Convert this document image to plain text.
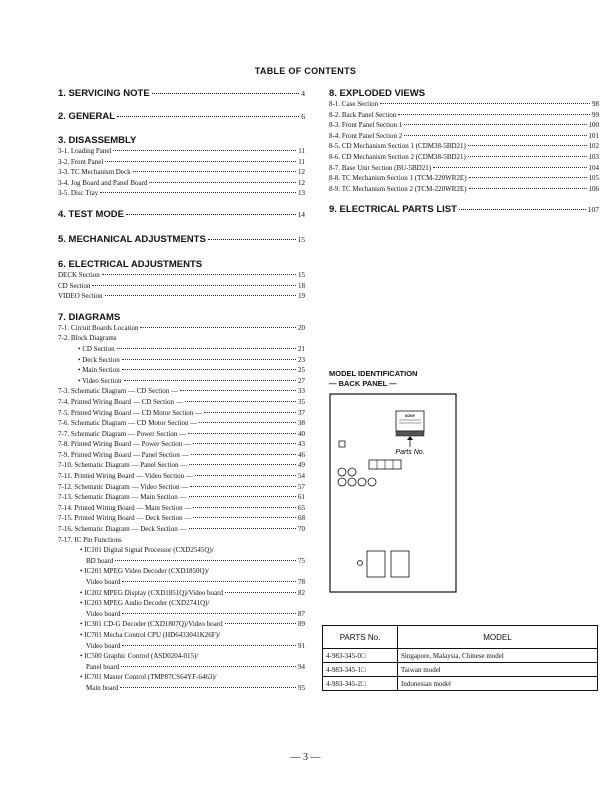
TABLE OF CONTENTS
1. SERVICING NOTE	4
2. GENERAL	6
3. DISASSEMBLY
3-1. Loading Panel	11
3-2. Front Panel	11
3-3. TC Mechanism Deck	12
3-4. Jog Board and Panel Board	12
3-5. Disc Tray	13
4. TEST MODE	14
5. MECHANICAL ADJUSTMENTS	15
6. ELECTRICAL ADJUSTMENTS
DECK Section	15
CD Section	18
VIDEO Section	19
7. DIAGRAMS
7-1. Circuit Boards Location	20
7-2. Block Diagrams
• CD Section	21
• Deck Section	23
• Main Section	25
• Video Section	27
7-3. Schematic Diagram — CD Section —	33
7-4. Printed Wiring Board — CD Section —	35
7-5. Printed Wiring Board — CD Motor Section —	37
7-6. Schematic Diagram — CD Motor Section —	38
7-7. Schematic Diagram — Power Section —	40
7-8. Printed Wiring Board — Power Section —	43
7-9. Printed Wiring Board — Panel Section —	46
7-10. Schematic Diagram — Panel Section —	49
7-11. Printed Wiring Board — Video Section —	54
7-12. Schematic Diagram — Video Section —	57
7-13. Schematic Diagram — Main Section —	61
7-14. Printed Wiring Board — Main Section —	65
7-15. Printed Wiring Board — Deck Section —	68
7-16. Schematic Diagram — Deck Section —	70
7-17. IC Pin Functions
• IC101 Digital Signal Processor (CXD2545Q)/
BD board	75
• IC201 MPEG Video Decoder (CXD1850Q)/
Video board	78
• IC202 MPEG Display (CXD1851Q)/Video board	82
• IC203 MPEG Audio Decoder (CXD2741Q)/
Video board	87
• IC301 CD-G Decoder (CXD1807Q)/Video board	89
• IC701 Mecha Control CPU (HD6433041K26F)/
Video board	91
• IC500 Graphic Control (ASD0204-015)/
Panel board	94
• IC701 Master Control (TMP87CS64YF-6463)/
Main board	95
8. EXPLODED VIEWS
8-1. Case Section	98
8-2. Back Panel Section	99
8-3. Front Panel Section 1	100
8-4. Front Panel Section 2	101
8-5. CD Mechanism Section 1 (CDM38-5BD21)	102
8-6. CD Mechanism Section 2 (CDM38-5BD21)	103
8-7. Base Unit Section (BU-5BD21)	104
8-8. TC Mechanism Section 1 (TCM-220WR2E)	105
8-9. TC Mechanism Section 2 (TCM-220WR2E)	106
9. ELECTRICAL PARTS LIST	107
MODEL IDENTIFICATION
— BACK PANEL —
SONY
Parts No.
PARTS No.	MODEL
4-983-345-0□	Singapore, Malaysia, Chinese model
4-983-345-1□	Taiwan model
4-983-345-2□	Indonesian model
— 3 —
